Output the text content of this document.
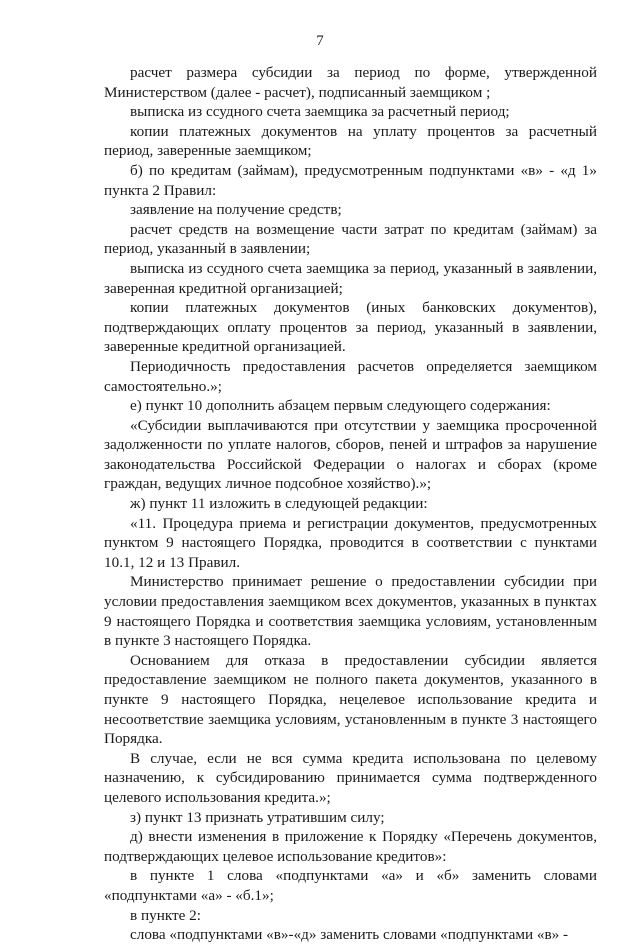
7

расчет размера субсидии за период по форме, утвержденной Министерством (далее - расчет), подписанный заемщиком ;

выписка из ссудного счета заемщика за расчетный период;

копии платежных документов на уплату процентов за расчетный период, заверенные заемщиком;

б) по кредитам (займам), предусмотренным подпунктами «в» - «д 1» пункта 2 Правил:

заявление на получение средств;

расчет средств на возмещение части затрат по кредитам (займам) за период, указанный в заявлении;

выписка из ссудного счета заемщика за период, указанный в заявлении, заверенная кредитной организацией;

копии платежных документов (иных банковских документов), подтверждающих оплату процентов за период, указанный в заявлении, заверенные кредитной организацией.

Периодичность предоставления расчетов определяется заемщиком самостоятельно.»;

е) пункт 10 дополнить абзацем первым следующего содержания:

«Субсидии выплачиваются при отсутствии у заемщика просроченной задолженности по уплате налогов, сборов, пеней и штрафов за нарушение законодательства Российской Федерации о налогах и сборах (кроме граждан, ведущих личное подсобное хозяйство).»;

ж) пункт 11 изложить в следующей редакции:

«11. Процедура приема и регистрации документов, предусмотренных пунктом 9 настоящего Порядка, проводится в соответствии с пунктами 10.1, 12 и 13 Правил.

Министерство принимает решение о предоставлении субсидии при условии предоставления заемщиком всех документов, указанных в пунктах 9 настоящего Порядка и соответствия заемщика условиям, установленным в пункте 3 настоящего Порядка.

Основанием для отказа в предоставлении субсидии является предоставление заемщиком не полного пакета документов, указанного в пункте 9 настоящего Порядка, нецелевое использование кредита и несоответствие заемщика условиям, установленным в пункте 3 настоящего Порядка.

В случае, если не вся сумма кредита использована по целевому назначению, к субсидированию принимается сумма подтвержденного целевого использования кредита.»;

з) пункт 13 признать утратившим силу;

д) внести изменения в приложение к Порядку «Перечень документов, подтверждающих целевое использование кредитов»:

в пункте 1 слова «подпунктами «а» и «б» заменить словами «подпунктами «а» - «б.1»;

в пункте 2:

слова «подпунктами «в»-«д» заменить словами «подпунктами «в» -
